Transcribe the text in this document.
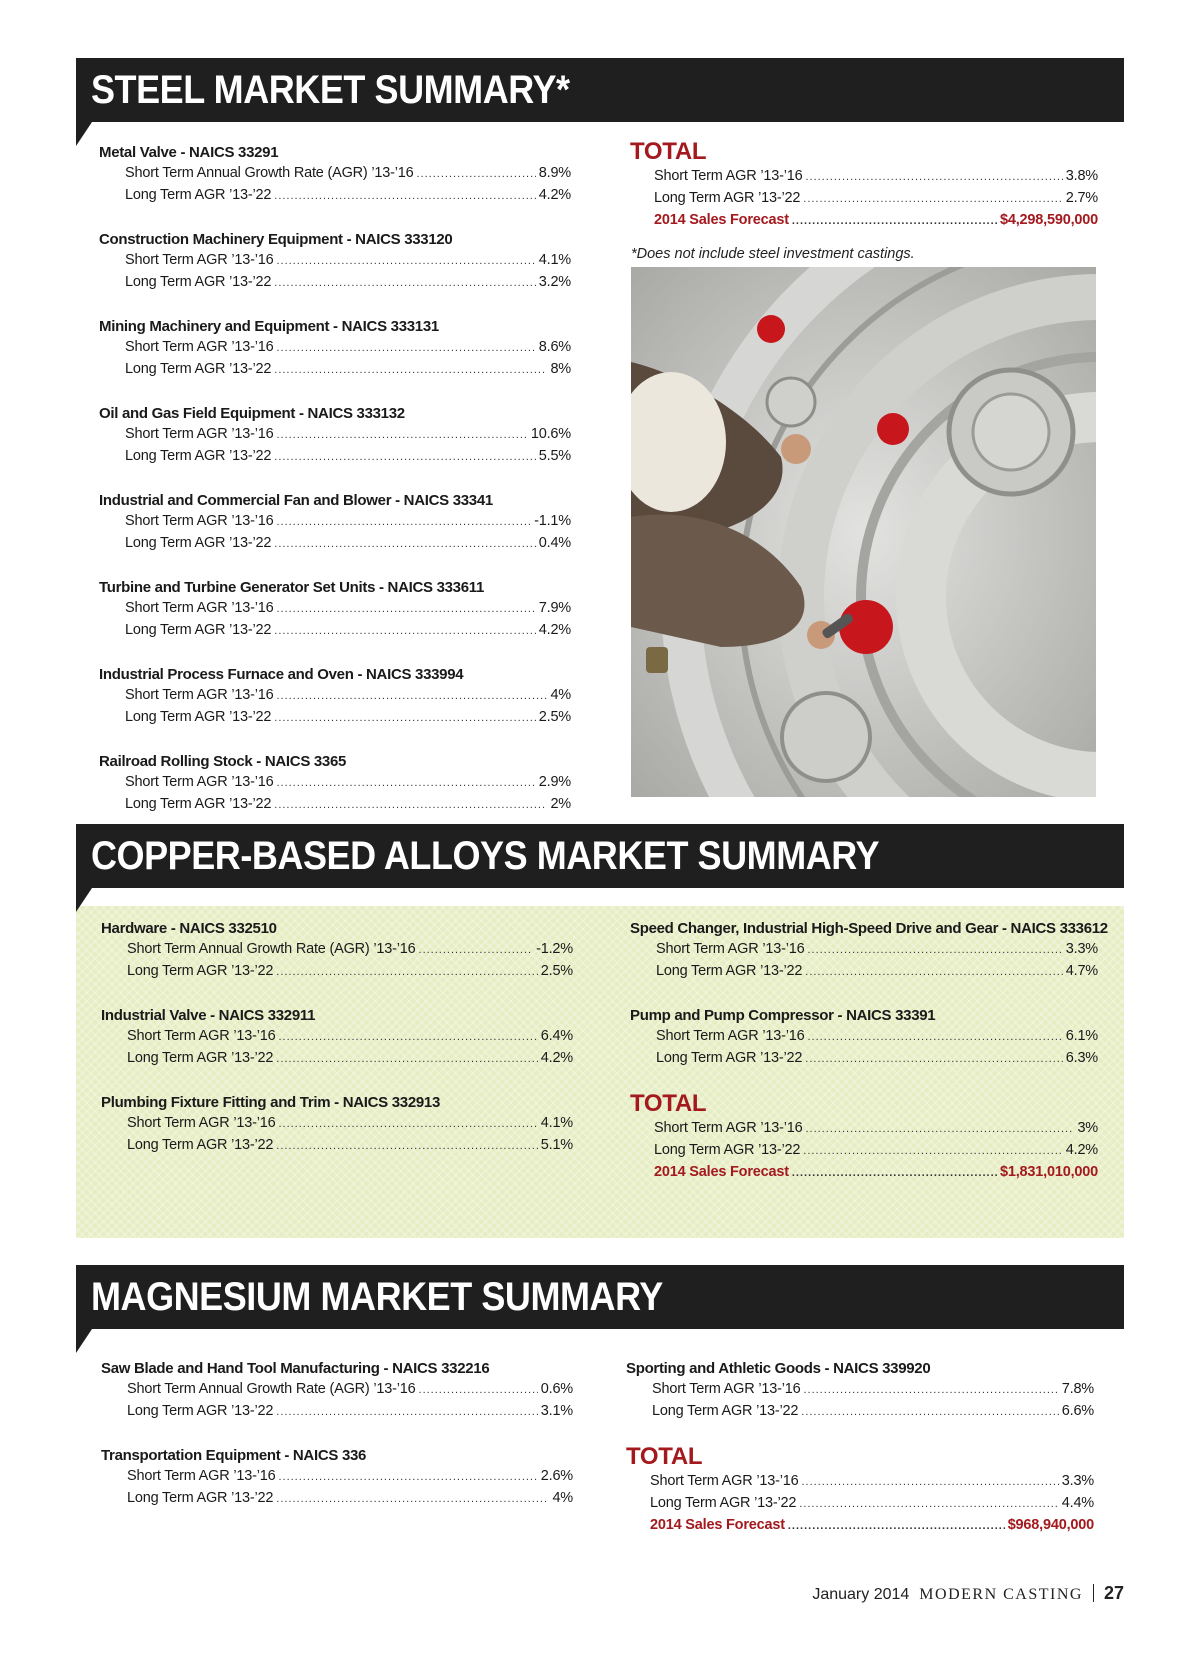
STEEL MARKET SUMMARY*
Metal Valve - NAICS 33291
Short Term Annual Growth Rate (AGR) ’13-’16 .....	8.9%
Long Term AGR ’13-’22 .....	4.2%
Construction Machinery Equipment - NAICS 333120
Short Term AGR ’13-’16 .....	4.1%
Long Term AGR ’13-’22 .....	3.2%
Mining Machinery and Equipment - NAICS 333131
Short Term AGR ’13-’16 .....	8.6%
Long Term AGR ’13-’22 .....	8%
Oil and Gas Field Equipment - NAICS 333132
Short Term AGR ’13-’16 .....	10.6%
Long Term AGR ’13-’22 .....	5.5%
Industrial and Commercial Fan and Blower - NAICS 33341
Short Term AGR ’13-’16 .....	-1.1%
Long Term AGR ’13-’22 .....	0.4%
Turbine and Turbine Generator Set Units - NAICS 333611
Short Term AGR ’13-’16 .....	7.9%
Long Term AGR ’13-’22 .....	4.2%
Industrial Process Furnace and Oven - NAICS 333994
Short Term AGR ’13-’16 .....	4%
Long Term AGR ’13-’22 .....	2.5%
Railroad Rolling Stock - NAICS 3365
Short Term AGR ’13-’16 .....	2.9%
Long Term AGR ’13-’22 .....	2%
TOTAL
Short Term AGR ’13-’16 .....	3.8%
Long Term AGR ’13-’22 .....	2.7%
2014 Sales Forecast .....	$4,298,590,000
*Does not include steel investment castings.
COPPER-BASED ALLOYS MARKET SUMMARY
Hardware - NAICS 332510
Short Term Annual Growth Rate (AGR) ’13-’16 .....	-1.2%
Long Term AGR ’13-’22 .....	2.5%
Industrial Valve - NAICS 332911
Short Term AGR ’13-’16 .....	6.4%
Long Term AGR ’13-’22 .....	4.2%
Plumbing Fixture Fitting and Trim - NAICS 332913
Short Term AGR ’13-’16 .....	4.1%
Long Term AGR ’13-’22 .....	5.1%
Speed Changer, Industrial High-Speed Drive and Gear - NAICS 333612
Short Term AGR ’13-’16 .....	3.3%
Long Term AGR ’13-’22 .....	4.7%
Pump and Pump Compressor - NAICS 33391
Short Term AGR ’13-’16 .....	6.1%
Long Term AGR ’13-’22 .....	6.3%
TOTAL
Short Term AGR ’13-’16 .....	3%
Long Term AGR ’13-’22 .....	4.2%
2014 Sales Forecast .....	$1,831,010,000
MAGNESIUM MARKET SUMMARY
Saw Blade and Hand Tool Manufacturing - NAICS 332216
Short Term Annual Growth Rate (AGR) ’13-’16 .....	0.6%
Long Term AGR ’13-’22 .....	3.1%
Transportation Equipment - NAICS 336
Short Term AGR ’13-’16 .....	2.6%
Long Term AGR ’13-’22 .....	4%
Sporting and Athletic Goods - NAICS 339920
Short Term AGR ’13-’16 .....	7.8%
Long Term AGR ’13-’22 .....	6.6%
TOTAL
Short Term AGR ’13-’16 .....	3.3%
Long Term AGR ’13-’22 .....	4.4%
2014 Sales Forecast .....	$968,940,000
January 2014 MODERN CASTING 27
